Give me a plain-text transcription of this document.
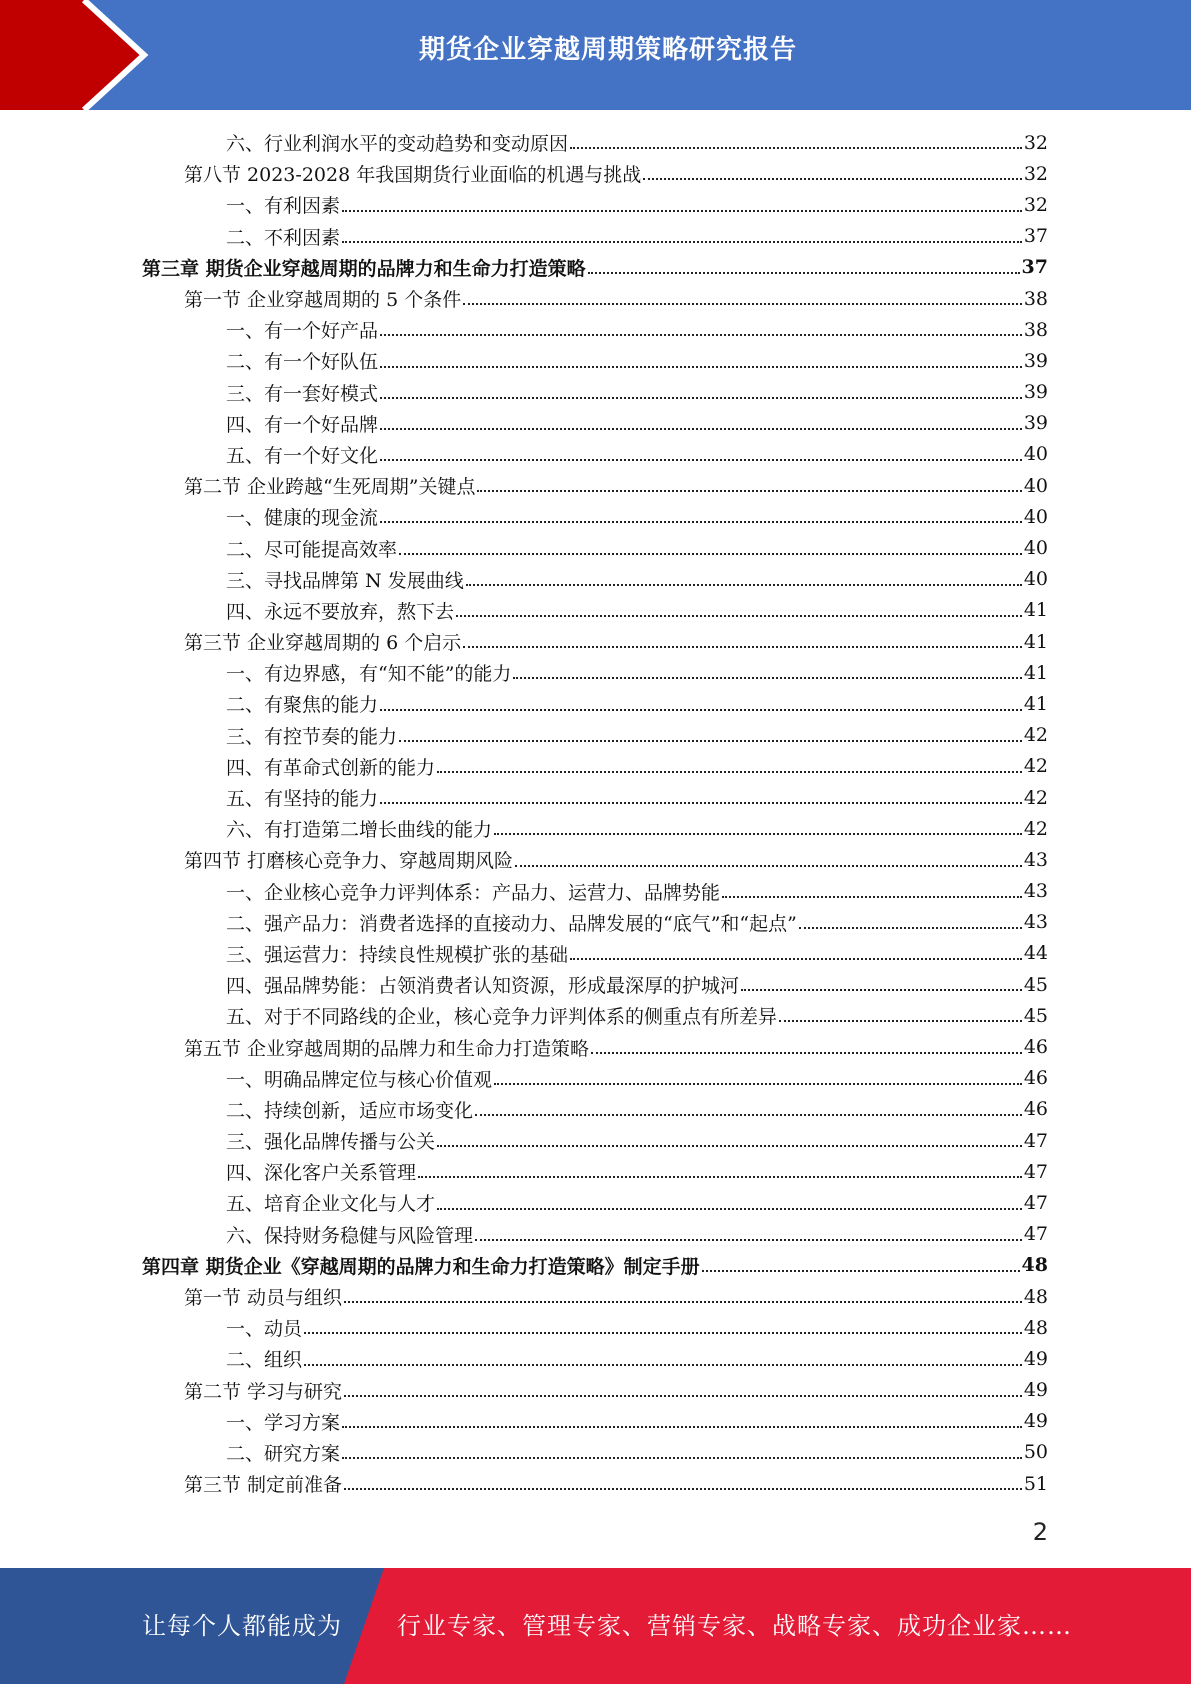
期货企业穿越周期策略研究报告
六、行业利润水平的变动趋势和变动原因	32
第八节 2023-2028 年我国期货行业面临的机遇与挑战	32
一、有利因素	32
二、不利因素	37
第三章 期货企业穿越周期的品牌力和生命力打造策略	37
第一节 企业穿越周期的 5 个条件	38
一、有一个好产品	38
二、有一个好队伍	39
三、有一套好模式	39
四、有一个好品牌	39
五、有一个好文化	40
第二节 企业跨越“生死周期”关键点	40
一、健康的现金流	40
二、尽可能提高效率	40
三、寻找品牌第 N 发展曲线	40
四、永远不要放弃，熬下去	41
第三节 企业穿越周期的 6 个启示	41
一、有边界感，有“知不能”的能力	41
二、有聚焦的能力	41
三、有控节奏的能力	42
四、有革命式创新的能力	42
五、有坚持的能力	42
六、有打造第二增长曲线的能力	42
第四节 打磨核心竞争力、穿越周期风险	43
一、企业核心竞争力评判体系：产品力、运营力、品牌势能	43
二、强产品力：消费者选择的直接动力、品牌发展的“底气”和“起点”	43
三、强运营力：持续良性规模扩张的基础	44
四、强品牌势能：占领消费者认知资源，形成最深厚的护城河	45
五、对于不同路线的企业，核心竞争力评判体系的侧重点有所差异	45
第五节 企业穿越周期的品牌力和生命力打造策略	46
一、明确品牌定位与核心价值观	46
二、持续创新，适应市场变化	46
三、强化品牌传播与公关	47
四、深化客户关系管理	47
五、培育企业文化与人才	47
六、保持财务稳健与风险管理	47
第四章 期货企业《穿越周期的品牌力和生命力打造策略》制定手册	48
第一节 动员与组织	48
一、动员	48
二、组织	49
第二节 学习与研究	49
一、学习方案	49
二、研究方案	50
第三节 制定前准备	51
2
让每个人都能成为 行业专家、管理专家、营销专家、战略专家、成功企业家……
